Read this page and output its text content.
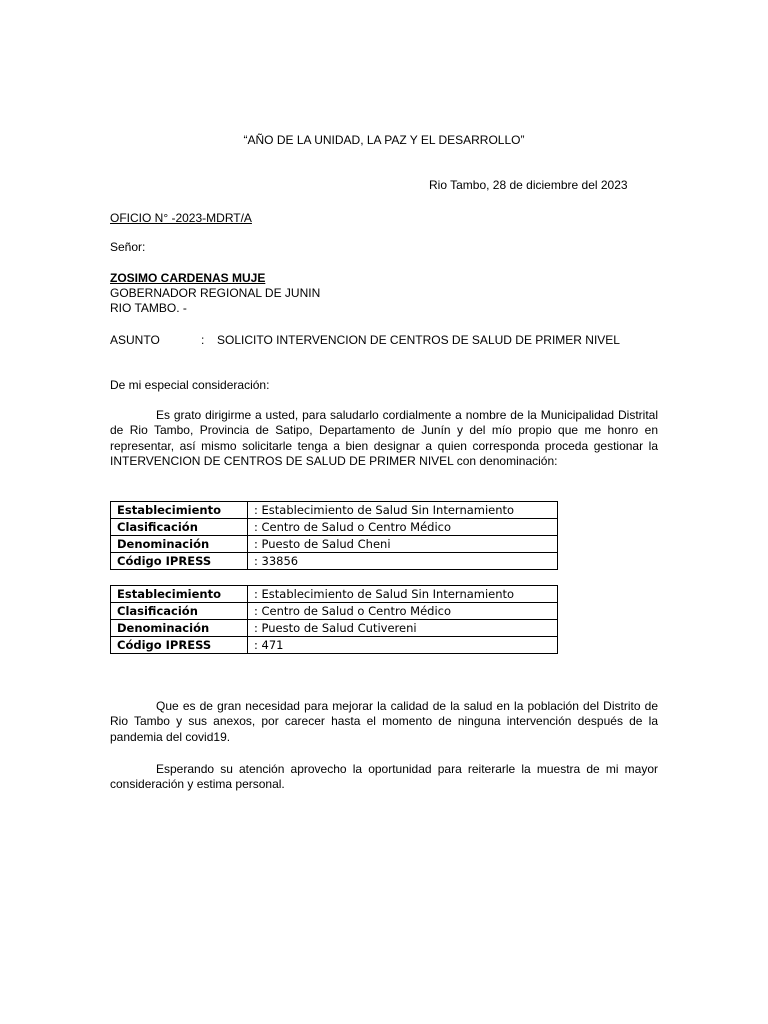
“AÑO DE LA UNIDAD, LA PAZ Y EL DESARROLLO”
Rio Tambo, 28 de diciembre del 2023
OFICIO N° -2023-MDRT/A
Señor:
ZOSIMO CARDENAS MUJE
GOBERNADOR REGIONAL DE JUNIN
RIO TAMBO. -
ASUNTO	: SOLICITO INTERVENCION DE CENTROS DE SALUD DE PRIMER NIVEL
De mi especial consideración:

Es grato dirigirme a usted, para saludarlo cordialmente a nombre de la Municipalidad Distrital de Rio Tambo, Provincia de Satipo, Departamento de Junín y del mío propio que me honro en representar, así mismo solicitarle tenga a bien designar a quien corresponda proceda gestionar la INTERVENCION DE CENTROS DE SALUD DE PRIMER NIVEL con denominación:

Establecimiento	: Establecimiento de Salud Sin Internamiento
Clasificación	: Centro de Salud o Centro Médico
Denominación	: Puesto de Salud Cheni
Código IPRESS	: 33856
Establecimiento	: Establecimiento de Salud Sin Internamiento
Clasificación	: Centro de Salud o Centro Médico
Denominación	: Puesto de Salud Cutivereni
Código IPRESS	: 471

Que es de gran necesidad para mejorar la calidad de la salud en la población del Distrito de Rio Tambo y sus anexos, por carecer hasta el momento de ninguna intervención después de la pandemia del covid19.

Esperando su atención aprovecho la oportunidad para reiterarle la muestra de mi mayor consideración y estima personal.
